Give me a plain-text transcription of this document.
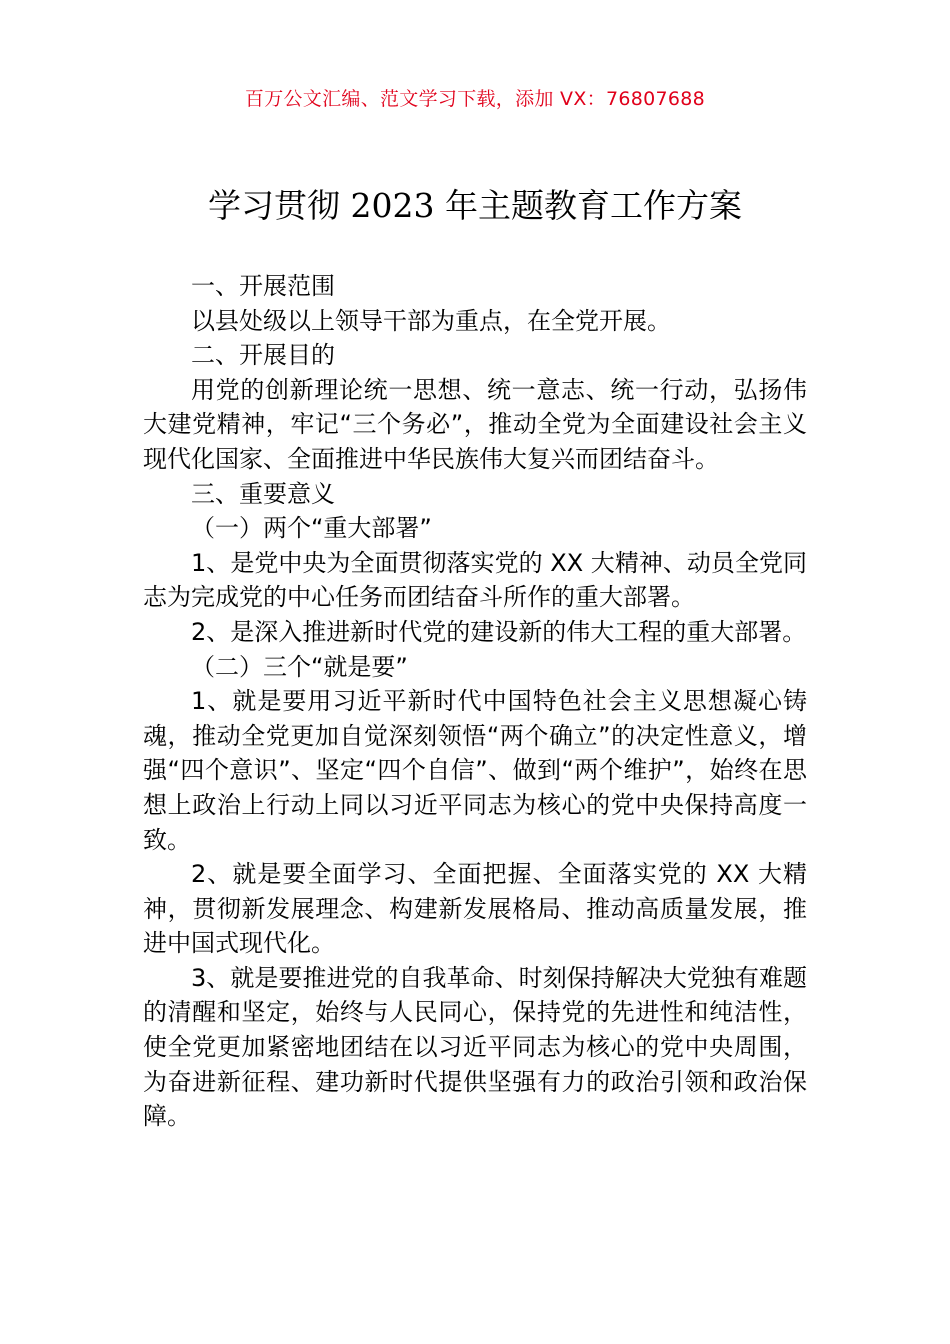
百万公文汇编、范文学习下载，添加 VX：76807688
学习贯彻 2023 年主题教育工作方案

一、开展范围

以县处级以上领导干部为重点，在全党开展。

二、开展目的

用党的创新理论统一思想、统一意志、统一行动，弘扬伟大建党精神，牢记“三个务必”，推动全党为全面建设社会主义现代化国家、全面推进中华民族伟大复兴而团结奋斗。

三、重要意义

（一）两个“重大部署”

1、是党中央为全面贯彻落实党的 XX 大精神、动员全党同志为完成党的中心任务而团结奋斗所作的重大部署。

2、是深入推进新时代党的建设新的伟大工程的重大部署。

（二）三个“就是要”

1、就是要用习近平新时代中国特色社会主义思想凝心铸魂，推动全党更加自觉深刻领悟“两个确立”的决定性意义，增强“四个意识”、坚定“四个自信”、做到“两个维护”，始终在思想上政治上行动上同以习近平同志为核心的党中央保持高度一致。

2、就是要全面学习、全面把握、全面落实党的 XX 大精神，贯彻新发展理念、构建新发展格局、推动高质量发展，推进中国式现代化。

3、就是要推进党的自我革命、时刻保持解决大党独有难题的清醒和坚定，始终与人民同心，保持党的先进性和纯洁性，使全党更加紧密地团结在以习近平同志为核心的党中央周围，为奋进新征程、建功新时代提供坚强有力的政治引领和政治保障。
